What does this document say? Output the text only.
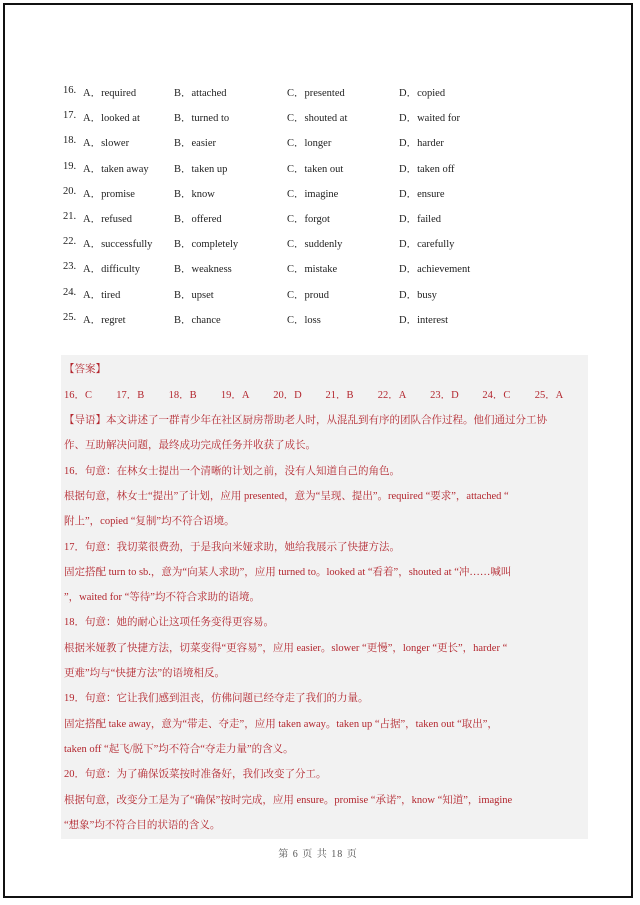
16. A．required	B．attached	C．presented	D．copied
17. A．looked at	B．turned to	C．shouted at	D．waited for
18. A．slower	B．easier	C．longer	D．harder
19. A．taken away B．taken up	C．taken out	D．taken off
20. A．promise	B．know	C．imagine	D．ensure
21. A．refused	B．offered	C．forgot	D．failed
22. A．successfully B．completely	C．suddenly	D．carefully
23. A．difficulty	B．weakness	C．mistake	D．achievement
24. A．tired	B．upset	C．proud	D．busy
25. A．regret	B．chance	C．loss	D．interest
【答案】
16．C 17．B 18．B 19．A 20．D 21．B 22．A 23．D 24．C 25．A
【导语】本文讲述了一群青少年在社区厨房帮助老人时，从混乱到有序的团队合作过程。他们通过分工协
作、互助解决问题，最终成功完成任务并收获了成长。
16．句意：在林女士提出一个清晰的计划之前，没有人知道自己的角色。
根据句意，林女士“提出”了计划，应用 presented，意为“呈现、提出”。required “要求”，attached “
附上”，copied “复制”均不符合语境。
17．句意：我切菜很费劲，于是我向米娅求助，她给我展示了快捷方法。
固定搭配 turn to sb.，意为“向某人求助”，应用 turned to。looked at “看着”，shouted at “冲……喊叫
”，waited for “等待”均不符合求助的语境。
18．句意：她的耐心让这项任务变得更容易。
根据米娅教了快捷方法，切菜变得“更容易”，应用 easier。slower “更慢”，longer “更长”，harder “
更难”均与“快捷方法”的语境相反。
19．句意：它让我们感到沮丧，仿佛问题已经夺走了我们的力量。
固定搭配 take away，意为“带走、夺走”，应用 taken away。taken up “占据”，taken out “取出”，
taken off “起飞/脱下”均不符合“夺走力量”的含义。
20．句意：为了确保饭菜按时准备好，我们改变了分工。
根据句意，改变分工是为了“确保”按时完成，应用 ensure。promise “承诺”，know “知道”，imagine
“想象”均不符合目的状语的含义。
第 6 页 共 18 页
